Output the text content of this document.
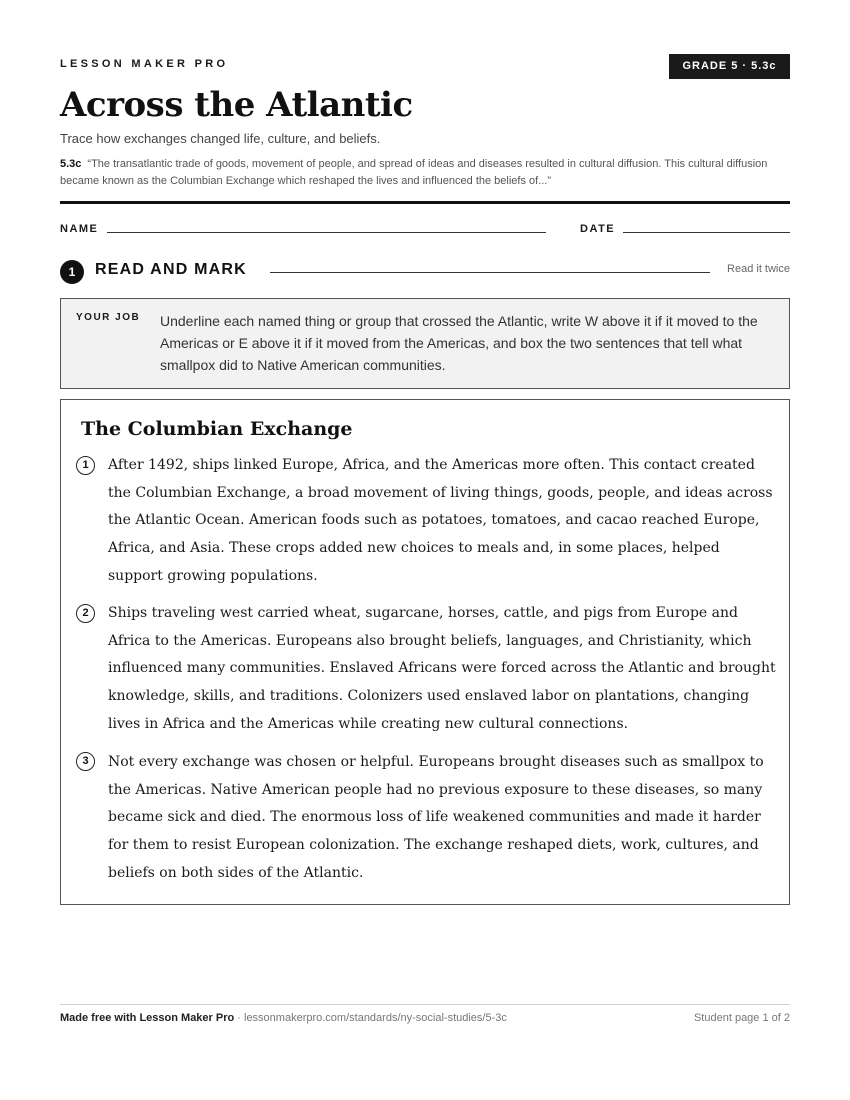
LESSON MAKER PRO	GRADE 5 · 5.3c
Across the Atlantic
Trace how exchanges changed life, culture, and beliefs.
5.3c “The transatlantic trade of goods, movement of people, and spread of ideas and diseases resulted in cultural diffusion. This cultural diffusion became known as the Columbian Exchange which reshaped the lives and influenced the beliefs of...”
NAME	DATE
1	READ AND MARK	Read it twice
YOUR JOB Underline each named thing or group that crossed the Atlantic, write W above it if it moved to the Americas or E above it if it moved from the Americas, and box the two sentences that tell what smallpox did to Native American communities.
The Columbian Exchange
1	After 1492, ships linked Europe, Africa, and the Americas more often. This contact created the Columbian Exchange, a broad movement of living things, goods, people, and ideas across the Atlantic Ocean. American foods such as potatoes, tomatoes, and cacao reached Europe, Africa, and Asia. These crops added new choices to meals and, in some places, helped support growing populations.
2	Ships traveling west carried wheat, sugarcane, horses, cattle, and pigs from Europe and Africa to the Americas. Europeans also brought beliefs, languages, and Christianity, which influenced many communities. Enslaved Africans were forced across the Atlantic and brought knowledge, skills, and traditions. Colonizers used enslaved labor on plantations, changing lives in Africa and the Americas while creating new cultural connections.
3	Not every exchange was chosen or helpful. Europeans brought diseases such as smallpox to the Americas. Native American people had no previous exposure to these diseases, so many became sick and died. The enormous loss of life weakened communities and made it harder for them to resist European colonization. The exchange reshaped diets, work, cultures, and beliefs on both sides of the Atlantic.
Made free with Lesson Maker Pro · lessonmakerpro.com/standards/ny-social-studies/5-3c	Student page 1 of 2
